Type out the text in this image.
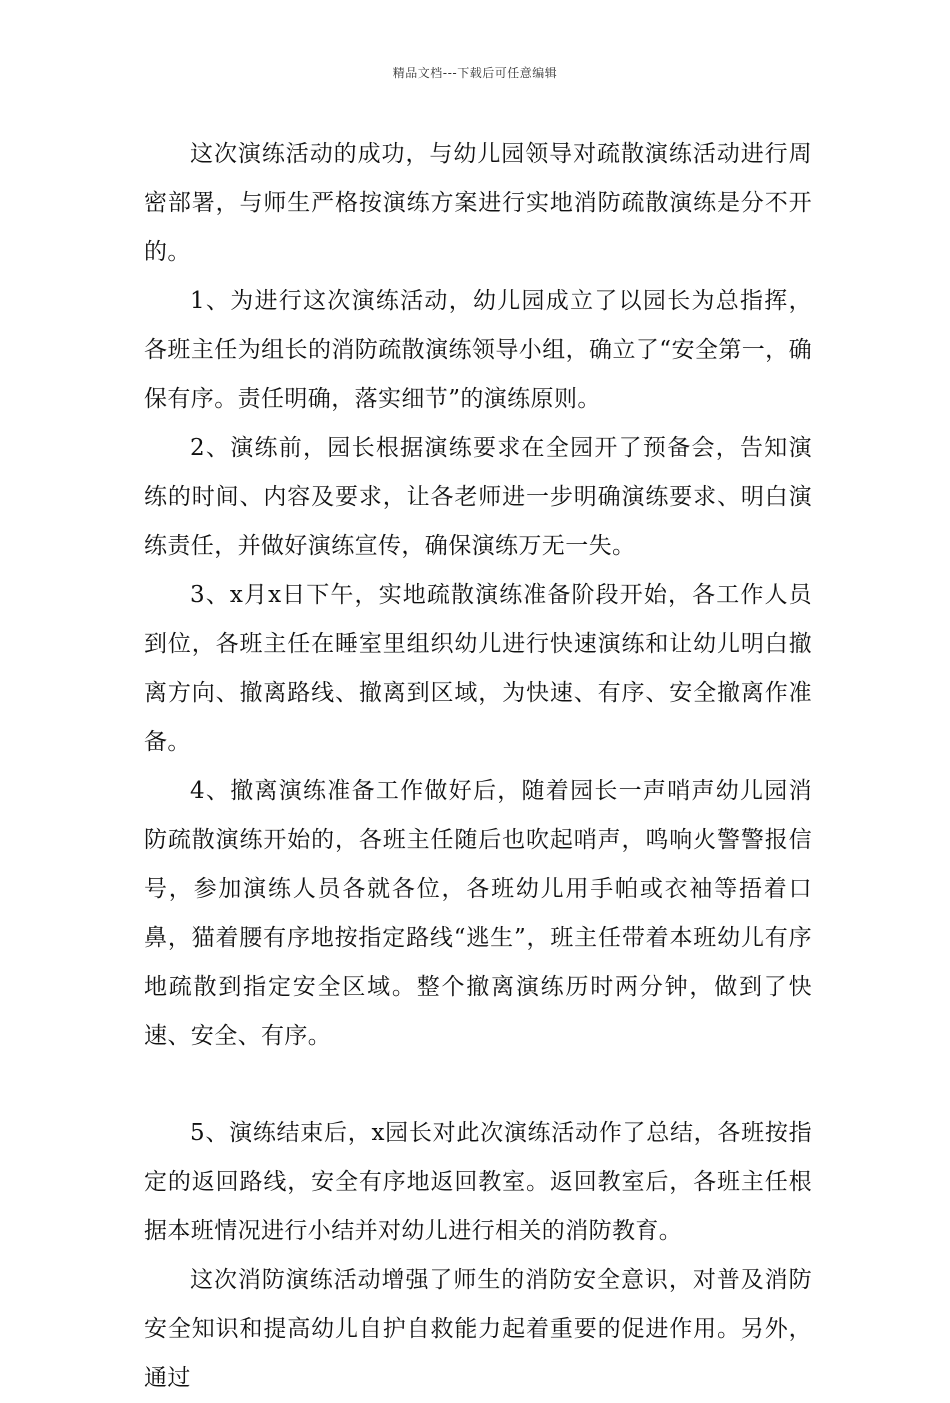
精品文档---下载后可任意编辑

这次演练活动的成功，与幼儿园领导对疏散演练活动进行周密部署，与师生严格按演练方案进行实地消防疏散演练是分不开的。

1、为进行这次演练活动，幼儿园成立了以园长为总指挥，各班主任为组长的消防疏散演练领导小组，确立了“安全第一，确保有序。责任明确，落实细节”的演练原则。

2、演练前，园长根据演练要求在全园开了预备会，告知演练的时间、内容及要求，让各老师进一步明确演练要求、明白演练责任，并做好演练宣传，确保演练万无一失。

3、x月x日下午，实地疏散演练准备阶段开始，各工作人员到位，各班主任在睡室里组织幼儿进行快速演练和让幼儿明白撤离方向、撤离路线、撤离到区域，为快速、有序、安全撤离作准备。

4、撤离演练准备工作做好后，随着园长一声哨声幼儿园消防疏散演练开始的，各班主任随后也吹起哨声，鸣响火警警报信号，参加演练人员各就各位，各班幼儿用手帕或衣袖等捂着口鼻，猫着腰有序地按指定路线“逃生”，班主任带着本班幼儿有序地疏散到指定安全区域。整个撤离演练历时两分钟，做到了快速、安全、有序。

5、演练结束后，x园长对此次演练活动作了总结，各班按指定的返回路线，安全有序地返回教室。返回教室后，各班主任根据本班情况进行小结并对幼儿进行相关的消防教育。

这次消防演练活动增强了师生的消防安全意识，对普及消防安全知识和提高幼儿自护自救能力起着重要的促进作用。另外，通过
